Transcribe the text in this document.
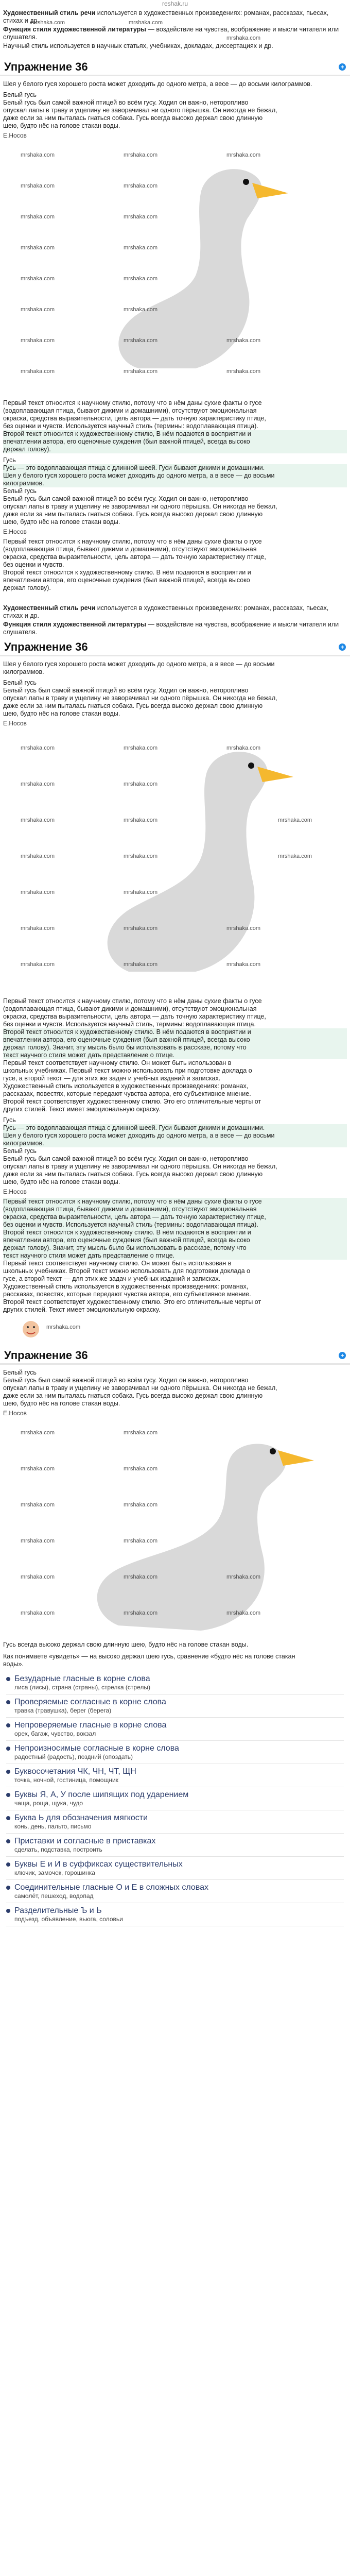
reshak.ru
Художественный стиль речи используется в художественных произведениях: романах, рассказах, пьесах, стихах и др.
Функция стиля художественной литературы — воздействие на чувства, воображение и мысли читателя или слушателя.
Научный стиль используется в научных статьях, учебниках, докладах, диссертациях и др.
mrshaka.com	mrshaka.com
mrshaka.com
Упражнение 36	+
Шея у белого гуся хорошего роста может доходить до одного метра, а весе — до восьми килограммов.
Белый гусь
Белый гусь был самой важной птицей во всём гусу. Ходил он важно, неторопливо
опускал лапы в траву и ущелину не заворачивал ни одного пёрышка. Он никогда не бежал,
даже если за ним пыталась гнаться собака. Гусь всегда высоко держал свою длинную
шею, будто нёс на голове стакан воды.
Е.Носов
mrshaka.com	mrshaka.com	mrshaka.com
mrshaka.com	mrshaka.com
mrshaka.com	mrshaka.com
mrshaka.com	mrshaka.com
mrshaka.com	mrshaka.com
mrshaka.com	mrshaka.com
mrshaka.com	mrshaka.com	mrshaka.com
mrshaka.com	mrshaka.com	mrshaka.com

Первый текст относится к научному стилю, потому что в нём даны сухие факты о гусе

(водоплавающая птица, бывают дикими и домашними), отсутствуют эмоциональная

окраска, средства выразительности, цель автора — дать точную характеристику птице,

без оценки и чувств. Используется научный стиль (термины: водоплавающая птица).

Второй текст относится к художественному стилю, В нём подаются в восприятии и

впечатлении автора, его оценочные суждения (был важной птицей, всегда высоко

держал голову).

Гусь

Гусь — это водоплавающая птица с длинной шеей. Гуси бывают дикими и домашними.

Шея у белого гуся хорошего роста может доходить до одного метра, а в весе — до восьми

килограммов.

Белый гусь

Белый гусь был самой важной птицей во всём гусу. Ходил он важно, неторопливо

опускал лапы в траву и ущелину не заворачивал ни одного пёрышка. Он никогда не бежал,

даже если за ним пыталась гнаться собака. Гусь всегда высоко держал свою длинную

шею, будто нёс на голове стакан воды.

Е.Носов

Первый текст относится к научному стилю, потому что в нём даны сухие факты о гусе

(водоплавающая птица, бывают дикими и домашними), отсутствуют эмоциональная

окраска, средства выразительности, цель автора — дать точную характеристику птице,

без оценки и чувств.

Второй текст относится к художественному стилю. В нём подаются в восприятии и

впечатлении автора, его оценочные суждения (был важной птицей, всегда высоко

держал голову).

Художественный стиль речи используется в художественных произведениях: романах, рассказах, пьесах, стихах и др.
Функция стиля художественной литературы — воздействие на чувства, воображение и мысли читателя или слушателя.
Упражнение 36	+
Шея у белого гуся хорошего роста может доходить до одного метра, а в весе — до восьми
килограммов.
Белый гусь
Белый гусь был самой важной птицей во всём гусу. Ходил он важно, неторопливо
опускал лапы в траву и ущелину не заворачивал ни одного пёрышка. Он никогда не бежал,
даже если за ним пыталась гнаться собака. Гусь всегда высоко держал свою длинную
шею, будто нёс на голове стакан воды.
Е.Носов
mrshaka.com	mrshaka.com	mrshaka.com
mrshaka.com	mrshaka.com
mrshaka.com	mrshaka.com	mrshaka.com
mrshaka.com	mrshaka.com	mrshaka.com
mrshaka.com	mrshaka.com
mrshaka.com	mrshaka.com	mrshaka.com
mrshaka.com	mrshaka.com	mrshaka.com

Первый текст относится к научному стилю, потому что в нём даны сухие факты о гусе

(водоплавающая птица, бывают дикими и домашними), отсутствуют эмоциональная

окраска, средства выразительности, цель автора — дать точную характеристику птице,

без оценки и чувств. Используется научный стиль, термины: водоплавающая птица.

Второй текст относится к художественному стилю. В нём подаются в восприятии и

впечатлении автора, его оценочные суждения (был важной птицей, всегда высоко

держал голову). Значит, эту мысль было бы использовать в рассказе, потому что

текст научного стиля может дать представление о птице.

Первый текст соответствует научному стилю. Он может быть использован в

школьных учебниках. Первый текст можно использовать при подготовке доклада о

гусе, а второй текст — для этих же задач и учебных изданий и записках.

Художественный стиль используется в художественных произведениях: романах,

рассказах, повестях, которые передают чувства автора, его субъективное мнение.

Второй текст соответствует художественному стилю. Это его отличительные черты от

других стилей. Текст имеет эмоциональную окраску.

Гусь

Гусь — это водоплавающая птица с длинной шеей. Гуси бывают дикими и домашними.

Шея у белого гуся хорошего роста может доходить до одного метра, а в весе — до восьми

килограммов.

Белый гусь

Белый гусь был самой важной птицей во всём гусу. Ходил он важно, неторопливо

опускал лапы в траву и ущелину не заворачивал ни одного пёрышка. Он никогда не бежал,

даже если за ним пыталась гнаться собака. Гусь всегда высоко держал свою длинную

шею, будто нёс на голове стакан воды.

Е.Носов

Первый текст относится к научному стилю, потому что в нём даны сухие факты о гусе

(водоплавающая птица, бывают дикими и домашними), отсутствуют эмоциональная

окраска, средства выразительности, цель автора — дать точную характеристику птице,

без оценки и чувств. Используется научный стиль (термины: водоплавающая птица).

Второй текст относится к художественному стилю. В нём подаются в восприятии и

впечатлении автора, его оценочные суждения (был важной птицей, всегда высоко

держал голову). Значит, эту мысль было бы использовать в рассказе, потому что

текст научного стиля может дать представление о птице.

Первый текст соответствует научному стилю. Он может быть использован в

школьных учебниках. Второй текст можно использовать для подготовки доклада о

гусе, а второй текст — для этих же задач и учебных изданий и записках.

Художественный стиль используется в художественных произведениях: романах,

рассказах, повестях, которые передают чувства автора, его субъективное мнение.

Второй текст соответствует художественному стилю. Это его отличительные черты от

других стилей. Текст имеет эмоциональную окраску.

mrshaka.com
Упражнение 36	+
Белый гусь
Белый гусь был самой важной птицей во всём гусу. Ходил он важно, неторопливо
опускал лапы в траву и ущелину не заворачивал ни одного пёрышка. Он никогда не бежал,
даже если за ним пыталась гнаться собака. Гусь всегда высоко держал свою длинную
шею, будто нёс на голове стакан воды.
Е.Носов
mrshaka.com	mrshaka.com
mrshaka.com	mrshaka.com
mrshaka.com	mrshaka.com
mrshaka.com	mrshaka.com
mrshaka.com	mrshaka.com	mrshaka.com
mrshaka.com	mrshaka.com	mrshaka.com

Гусь всегда высоко держал свою длинную шею, будто нёс на голове стакан воды.

Как понимаете «увидеть» — на высоко держал шею гусь, сравнение «будто нёс на голове стакан

воды».

Безударные гласные в корне слова
лиса (лисы), страна (страны), стрелка (стрелы)
Проверяемые согласные в корне слова
травка (травушка), берег (берега)
Непроверяемые гласные в корне слова
орех, багаж, чувство, вокзал
Непроизносимые согласные в корне слова
радостный (радость), поздний (опоздать)
Буквосочетания ЧК, ЧН, ЧТ, ЩН
точка, ночной, гостиница, помощник
Буквы Я, А, У после шипящих под ударением
чаща, роща, щука, чудо
Буква Ь для обозначения мягкости
конь, день, пальто, письмо
Приставки и согласные в приставках
сделать, подставка, построить
Буквы Е и И в суффиксах существительных
ключик, замочек, горошинка
Соединительные гласные О и Е в сложных словах
самолёт, пешеход, водопад
Разделительные Ъ и Ь
подъезд, объявление, вьюга, соловьи
